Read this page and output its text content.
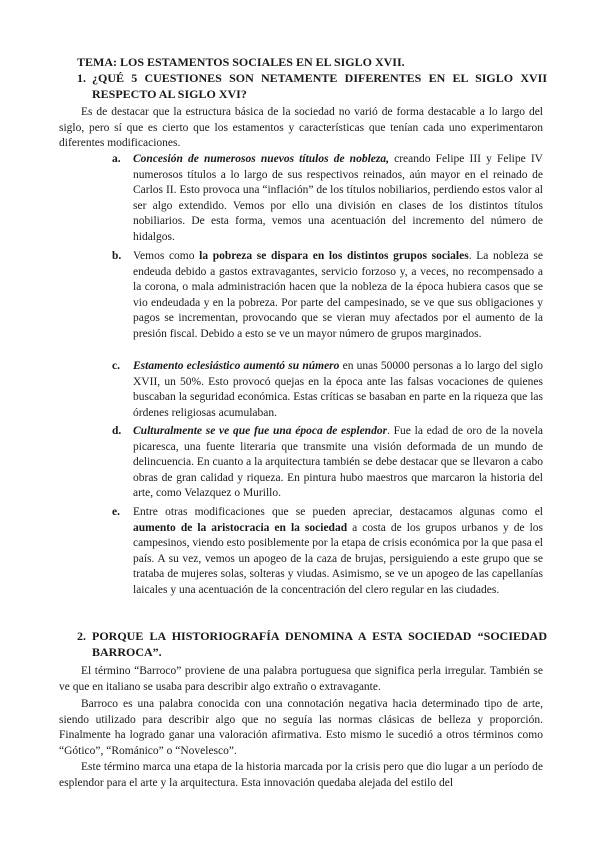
TEMA: LOS ESTAMENTOS SOCIALES EN EL SIGLO XVII.
1. ¿QUÉ 5 CUESTIONES SON NETAMENTE DIFERENTES EN EL SIGLO XVII RESPECTO AL SIGLO XVI?

Es de destacar que la estructura básica de la sociedad no varió de forma destacable a lo largo del siglo, pero sí que es cierto que los estamentos y características que tenían cada uno experimentaron diferentes modificaciones.

a. Concesión de numerosos nuevos títulos de nobleza, creando Felipe III y Felipe IV numerosos títulos a lo largo de sus respectivos reinados, aún mayor en el reinado de Carlos II. Esto provoca una “inflación” de los títulos nobiliarios, perdiendo estos valor al ser algo extendido. Vemos por ello una división en clases de los distintos títulos nobiliarios. De esta forma, vemos una acentuación del incremento del número de hidalgos.
b. Vemos como la pobreza se dispara en los distintos grupos sociales. La nobleza se endeuda debido a gastos extravagantes, servicio forzoso y, a veces, no recompensado a la corona, o mala administración hacen que la nobleza de la época hubiera casos que se vio endeudada y en la pobreza. Por parte del campesinado, se ve que sus obligaciones y pagos se incrementan, provocando que se vieran muy afectados por el aumento de la presión fiscal. Debido a esto se ve un mayor número de grupos marginados.
c. Estamento eclesiástico aumentó su número en unas 50000 personas a lo largo del siglo XVII, un 50%. Esto provocó quejas en la época ante las falsas vocaciones de quienes buscaban la seguridad económica. Estas críticas se basaban en parte en la riqueza que las órdenes religiosas acumulaban.
d. Culturalmente se ve que fue una época de esplendor. Fue la edad de oro de la novela picaresca, una fuente literaria que transmite una visión deformada de un mundo de delincuencia. En cuanto a la arquitectura también se debe destacar que se llevaron a cabo obras de gran calidad y riqueza. En pintura hubo maestros que marcaron la historia del arte, como Velazquez o Murillo.
e. Entre otras modificaciones que se pueden apreciar, destacamos algunas como el aumento de la aristocracia en la sociedad a costa de los grupos urbanos y de los campesinos, viendo esto posiblemente por la etapa de crisis económica por la que pasa el país. A su vez, vemos un apogeo de la caza de brujas, persiguiendo a este grupo que se trataba de mujeres solas, solteras y viudas. Asimismo, se ve un apogeo de las capellanías laicales y una acentuación de la concentración del clero regular en las ciudades.
2. PORQUE LA HISTORIOGRAFÍA DENOMINA A ESTA SOCIEDAD “SOCIEDAD BARROCA”.

El término “Barroco” proviene de una palabra portuguesa que significa perla irregular. También se ve que en italiano se usaba para describir algo extraño o extravagante.

Barroco es una palabra conocida con una connotación negativa hacia determinado tipo de arte, siendo utilizado para describir algo que no seguía las normas clásicas de belleza y proporción. Finalmente ha logrado ganar una valoración afirmativa. Esto mismo le sucedió a otros términos como “Gótico”, “Románico” o “Novelesco”.

Este término marca una etapa de la historia marcada por la crisis pero que dio lugar a un período de esplendor para el arte y la arquitectura. Esta innovación quedaba alejada del estilo del
